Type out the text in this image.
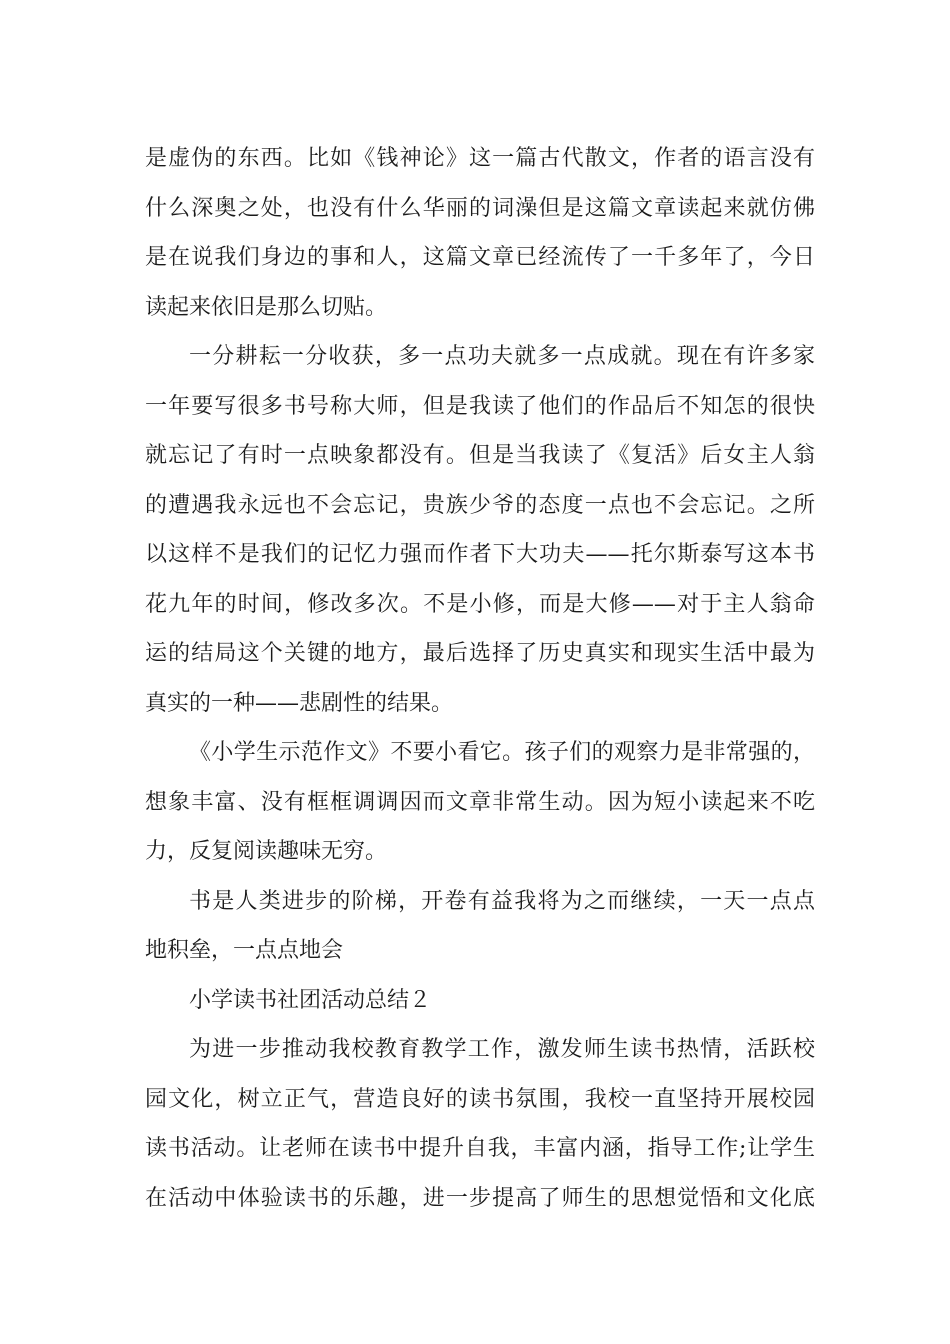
是虚伪的东西。比如《钱神论》这一篇古代散文，作者的语言没有
什么深奥之处，也没有什么华丽的词澡但是这篇文章读起来就仿佛
是在说我们身边的事和人，这篇文章已经流传了一千多年了，今日
读起来依旧是那么切贴。
一分耕耘一分收获，多一点功夫就多一点成就。现在有许多家
一年要写很多书号称大师，但是我读了他们的作品后不知怎的很快
就忘记了有时一点映象都没有。但是当我读了《复活》后女主人翁
的遭遇我永远也不会忘记，贵族少爷的态度一点也不会忘记。之所
以这样不是我们的记忆力强而作者下大功夫——托尔斯泰写这本书
花九年的时间，修改多次。不是小修，而是大修——对于主人翁命
运的结局这个关键的地方，最后选择了历史真实和现实生活中最为
真实的一种——悲剧性的结果。
《小学生示范作文》不要小看它。孩子们的观察力是非常强的，
想象丰富、没有框框调调因而文章非常生动。因为短小读起来不吃
力，反复阅读趣味无穷。
书是人类进步的阶梯，开卷有益我将为之而继续，一天一点点
地积垒，一点点地会
小学读书社团活动总结２
为进一步推动我校教育教学工作，激发师生读书热情，活跃校
园文化，树立正气，营造良好的读书氛围，我校一直坚持开展校园
读书活动。让老师在读书中提升自我，丰富内涵，指导工作;让学生
在活动中体验读书的乐趣，进一步提高了师生的思想觉悟和文化底
